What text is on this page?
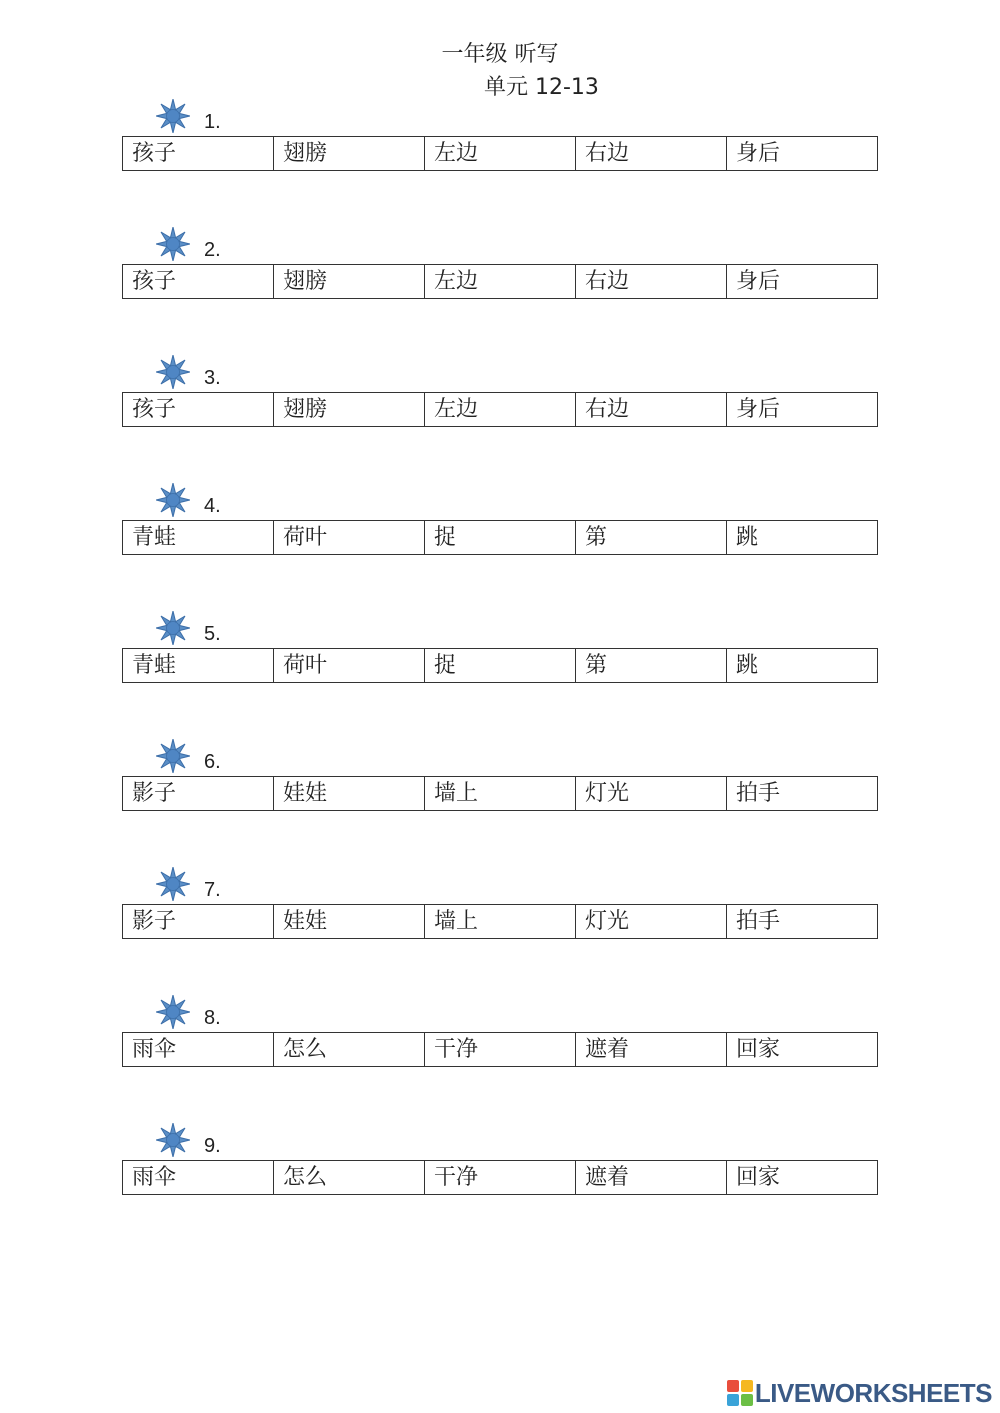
一年级 听写
单元 12-13
1.
孩子	翅膀	左边	右边	身后
2.
孩子	翅膀	左边	右边	身后
3.
孩子	翅膀	左边	右边	身后
4.
青蛙	荷叶	捉	第	跳
5.
青蛙	荷叶	捉	第	跳
6.
影子	娃娃	墙上	灯光	拍手
7.
影子	娃娃	墙上	灯光	拍手
8.
雨伞	怎么	干净	遮着	回家
9.
雨伞	怎么	干净	遮着	回家
LIVEWORKSHEETS
